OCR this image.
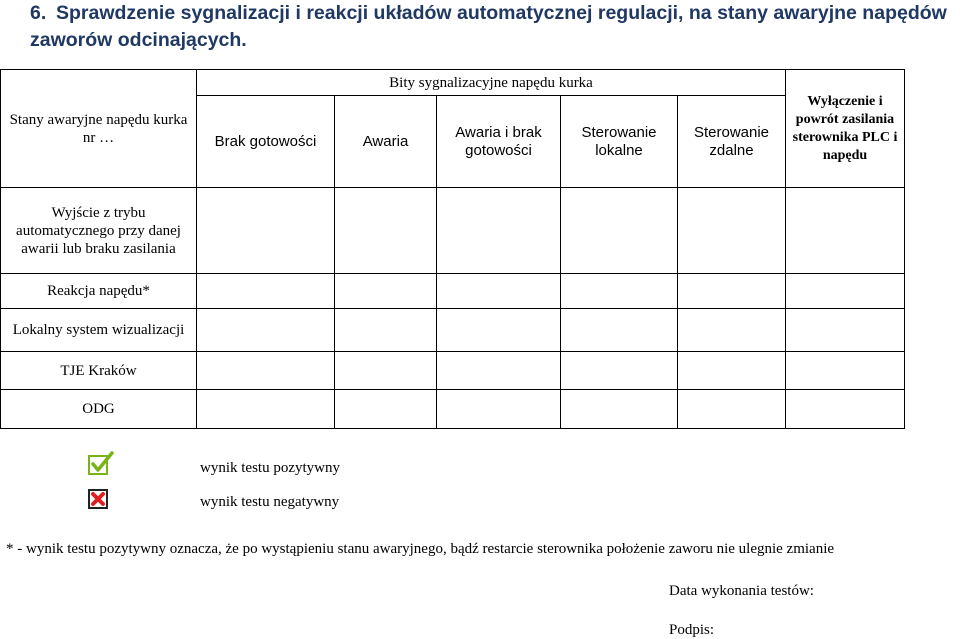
6. Sprawdzenie sygnalizacji i reakcji układów automatycznej regulacji, na stany awaryjne napędów zaworów odcinających.
Stany awaryjne napędu kurka nr …	Bity sygnalizacyjne napędu kurka					Wyłączenie i powrót zasilania sterownika PLC i napędu
	Brak gotowości	Awaria	Awaria i brak gotowości	Sterowanie lokalne	Sterowanie zdalne	
Wyjście z trybu automatycznego przy danej awarii lub braku zasilania						
Reakcja napędu*						
Lokalny system wizualizacji						
TJE Kraków						
ODG						
wynik testu pozytywny
wynik testu negatywny
* - wynik testu pozytywny oznacza, że po wystąpieniu stanu awaryjnego, bądź restarcie sterownika położenie zaworu nie ulegnie zmianie
Data wykonania testów:
Podpis:
